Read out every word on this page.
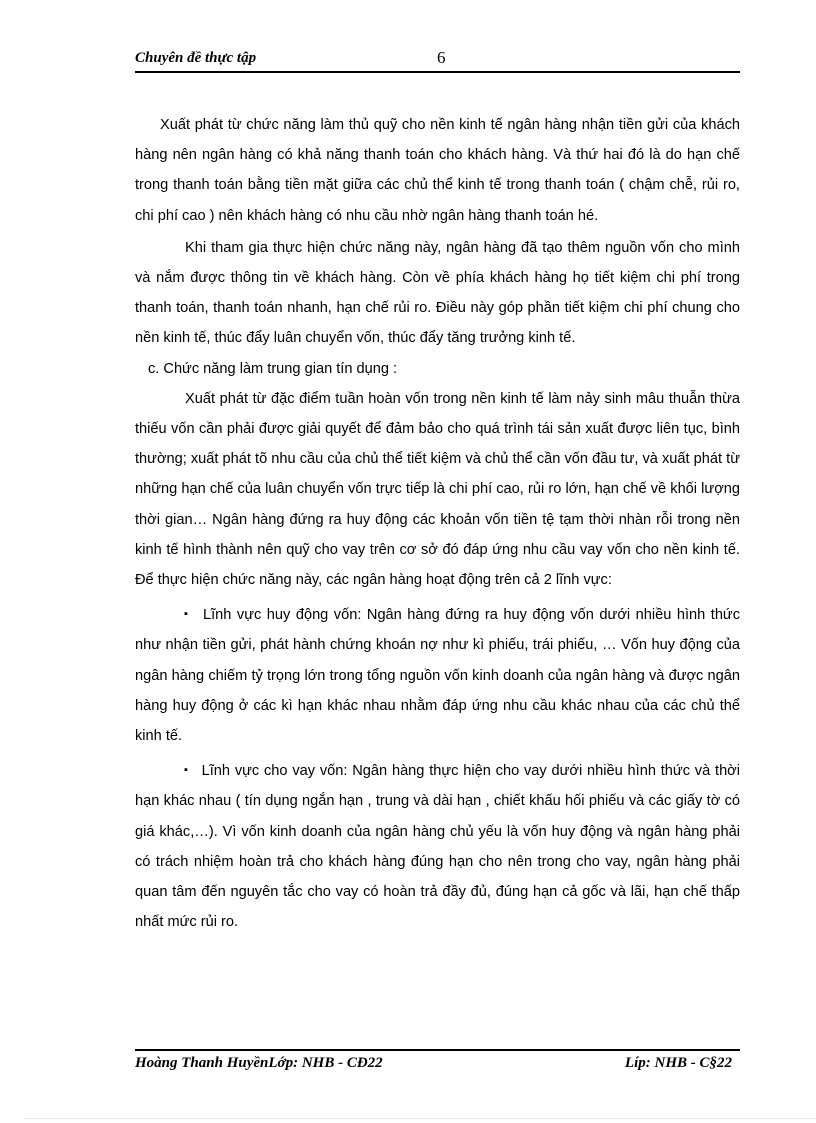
Chuyên đề thực tập	6

Xuất phát từ chức năng làm thủ quỹ cho nền kinh tế ngân hàng nhận tiền gửi của khách hàng nên ngân hàng có khả năng thanh toán cho khách hàng. Và thứ hai đó là do hạn chế trong thanh toán bằng tiền mặt giữa các chủ thể kinh tế trong thanh toán ( chậm chễ, rủi ro, chi phí cao ) nên khách hàng có nhu cầu nhờ ngân hàng thanh toán hé.

Khi tham gia thực hiện chức năng này, ngân hàng đã tạo thêm nguồn vốn cho mình và nắm được thông tin về khách hàng. Còn về phía khách hàng họ tiết kiệm chi phí trong thanh toán, thanh toán nhanh, hạn chế rủi ro. Điều này góp phần tiết kiệm chi phí chung cho nền kinh tế, thúc đẩy luân chuyển vốn, thúc đẩy tăng trưởng kinh tế.

c. Chức năng làm trung gian tín dụng :

Xuất phát từ đặc điểm tuần hoàn vốn trong nền kinh tế làm nảy sinh mâu thuẫn thừa thiếu vốn cần phải được giải quyết để đảm bảo cho quá trình tái sản xuất được liên tục, bình thường; xuất phát tõ nhu cầu của chủ thể tiết kiệm và chủ thể cần vốn đầu tư, và xuất phát từ những hạn chế của luân chuyển vốn trực tiếp là chi phí cao, rủi ro lớn, hạn chế về khối lượng thời gian… Ngân hàng đứng ra huy động các khoản vốn tiền tệ tạm thời nhàn rỗi trong nền kinh tế hình thành nên quỹ cho vay trên cơ sở đó đáp ứng nhu cầu vay vốn cho nền kinh tế. Để thực hiện chức năng này, các ngân hàng hoạt động trên cả 2 lĩnh vực:

▪ Lĩnh vực huy động vốn: Ngân hàng đứng ra huy động vốn dưới nhiều hình thức như nhận tiền gửi, phát hành chứng khoán nợ như kì phiếu, trái phiếu, … Vốn huy động của ngân hàng chiếm tỷ trọng lớn trong tổng nguồn vốn kinh doanh của ngân hàng và được ngân hàng huy động ở các kì hạn khác nhau nhằm đáp ứng nhu cầu khác nhau của các chủ thể kinh tế.

▪ Lĩnh vực cho vay vốn: Ngân hàng thực hiện cho vay dưới nhiều hình thức và thời hạn khác nhau ( tín dụng ngắn hạn , trung và dài hạn , chiết khấu hối phiếu và các giấy tờ có giá khác,…). Vì vốn kinh doanh của ngân hàng chủ yếu là vốn huy động và ngân hàng phải có trách nhiệm hoàn trả cho khách hàng đúng hạn cho nên trong cho vay, ngân hàng phải quan tâm đến nguyên tắc cho vay có hoàn trả đầy đủ, đúng hạn cả gốc và lãi, hạn chế thấp nhất mức rủi ro.

Hoàng Thanh HuyềnLớp: NHB - CĐ22	Líp: NHB - C§22
